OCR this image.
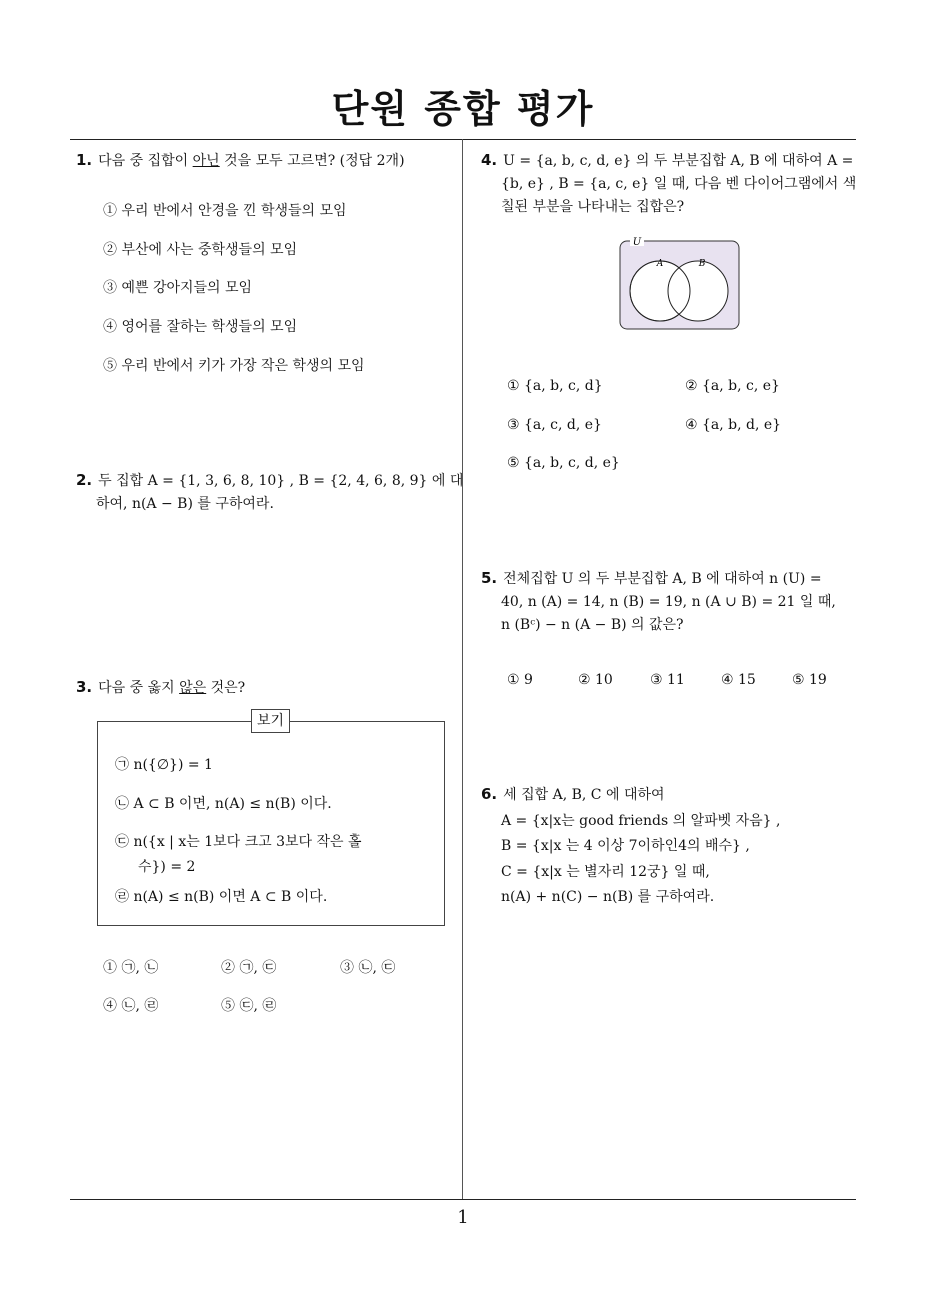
단원 종합 평가
1. 다음 중 집합이 아닌 것을 모두 고르면? (정답 2개)
① 우리 반에서 안경을 낀 학생들의 모임
② 부산에 사는 중학생들의 모임
③ 예쁜 강아지들의 모임
④ 영어를 잘하는 학생들의 모임
⑤ 우리 반에서 키가 가장 작은 학생의 모임
2. 두 집합 A = {1, 3, 6, 8, 10} , B = {2, 4, 6, 8, 9} 에 대
하여, n(A − B) 를 구하여라.
3. 다음 중 옳지 않은 것은?
보기
㉠ n({∅}) = 1
㉡ A ⊂ B 이면, n(A) ≤ n(B) 이다.
㉢ n({x | x는 1보다 크고 3보다 작은 홀
수}) = 2
㉣ n(A) ≤ n(B) 이면 A ⊂ B 이다.
① ㉠, ㉡	② ㉠, ㉢	③ ㉡, ㉢
④ ㉡, ㉣	⑤ ㉢, ㉣
4. U = {a, b, c, d, e} 의 두 부분집합 A, B 에 대하여 A =
{b, e} , B = {a, c, e} 일 때, 다음 벤 다이어그램에서 색
칠된 부분을 나타내는 집합은?
U
A	B
① {a, b, c, d}	② {a, b, c, e}
③ {a, c, d, e}	④ {a, b, d, e}
⑤ {a, b, c, d, e}
5. 전체집합 U 의 두 부분집합 A, B 에 대하여 n (U) =
40, n (A) = 14, n (B) = 19, n (A ∪ B) = 21 일 때,
n (Bᶜ) − n (A − B) 의 값은?
① 9	② 10	③ 11	④ 15	⑤ 19
6. 세 집합 A, B, C 에 대하여
A = {x|x는 good friends 의 알파벳 자음} ,
B = {x|x 는 4 이상 7이하인4의 배수} ,
C = {x|x 는 별자리 12궁} 일 때,
n(A) + n(C) − n(B) 를 구하여라.
1
